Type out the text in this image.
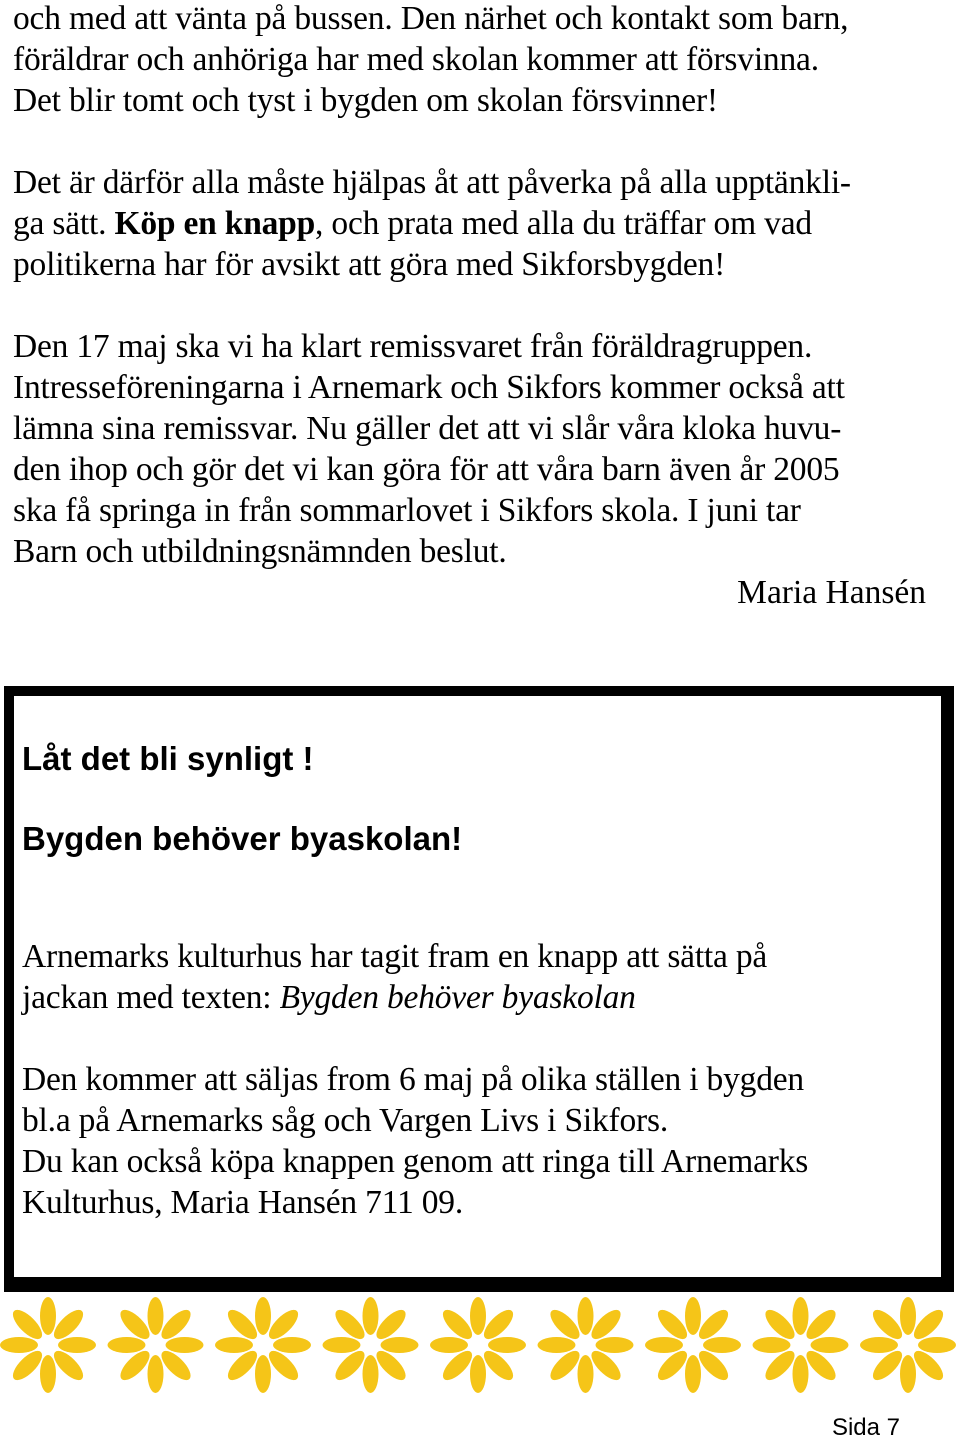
och med att vänta på bussen. Den närhet och kontakt som barn,
föräldrar och anhöriga har med skolan kommer att försvinna.
Det blir tomt och tyst i bygden om skolan försvinner!
Det är därför alla måste hjälpas åt att påverka på alla upptänkli-
ga sätt. Köp en knapp, och prata med alla du träffar om vad
politikerna har för avsikt att göra med Sikforsbygden!
Den 17 maj ska vi ha klart remissvaret från föräldragruppen.
Intresseföreningarna i Arnemark och Sikfors kommer också att
lämna sina remissvar. Nu gäller det att vi slår våra kloka huvu-
den ihop och gör det vi kan göra för att våra barn även år 2005
ska få springa in från sommarlovet i Sikfors skola. I juni tar
Barn och utbildningsnämnden beslut.

Maria Hansén

Låt det bli synligt !

Bygden behöver byaskolan!

Arnemarks kulturhus har tagit fram en knapp att sätta på
jackan med texten: Bygden behöver byaskolan
Den kommer att säljas from 6 maj på olika ställen i bygden
bl.a på Arnemarks såg och Vargen Livs i Sikfors.
Du kan också köpa knappen genom att ringa till Arnemarks
Kulturhus, Maria Hansén 711 09.

Sida 7
